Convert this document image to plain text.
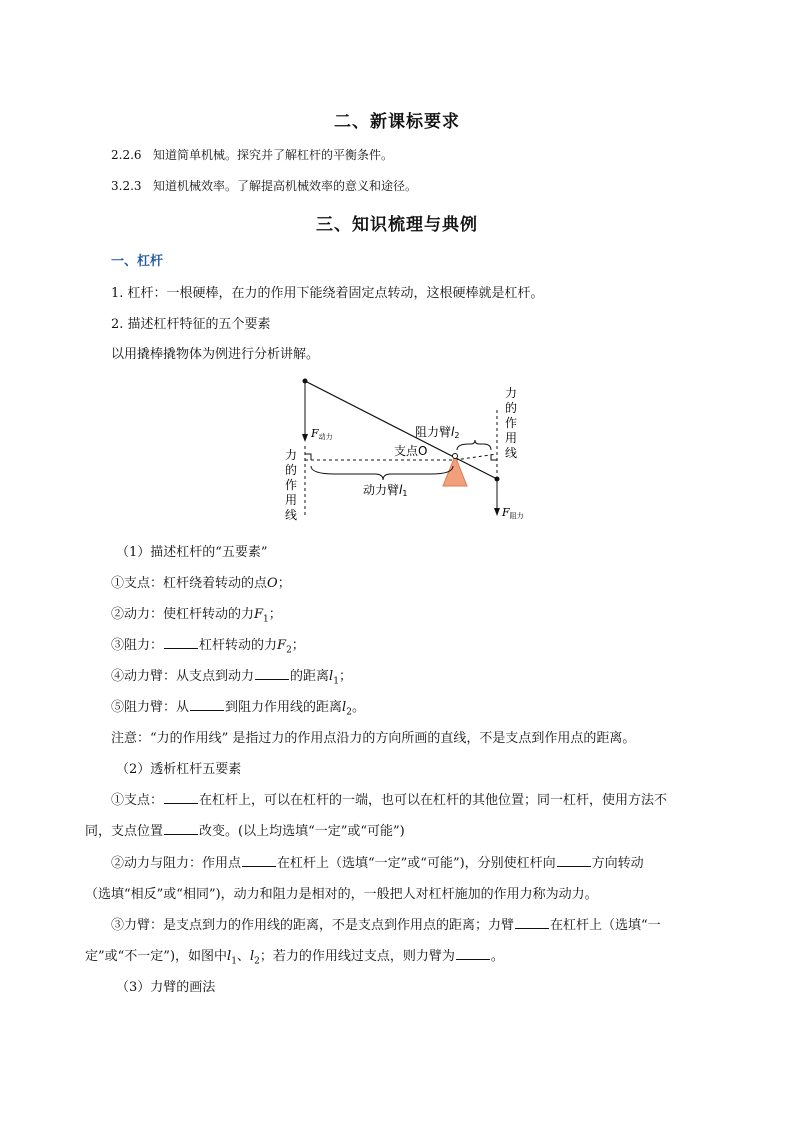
二、新课标要求
2.2.6 知道简单机械。探究并了解杠杆的平衡条件。
3.2.3 知道机械效率。了解提高机械效率的意义和途径。
三、知识梳理与典例
一、杠杆
1. 杠杆：一根硬棒，在力的作用下能绕着固定点转动，这根硬棒就是杠杆。
2. 描述杠杆特征的五个要素
以用撬棒撬物体为例进行分析讲解。
F动力
F阻力
支点O
阻力臂l2
动力臂l1
力
的
作
用
线
力
的
作
用
线
（1）描述杠杆的“五要素”
①支点：杠杆绕着转动的点O；
②动力：使杠杆转动的力$F_1$；
③阻力：	杠杆转动的力$F_2$；
④动力臂：从支点到动力	的距离$l_1$；
⑤阻力臂：从	到阻力作用线的距离$l_2$。
注意：“力的作用线” 是指过力的作用点沿力的方向所画的直线，不是支点到作用点的距离。
（2）透析杠杆五要素
①支点：	在杠杆上，可以在杠杆的一端，也可以在杠杆的其他位置；同一杠杆，使用方法不
同，支点位置	改变。(以上均选填“一定”或“可能”)
②动力与阻力：作用点	在杠杆上（选填“一定”或“可能”)，分别使杠杆向	方向转动
（选填“相反”或“相同”)，动力和阻力是相对的，一般把人对杠杆施加的作用力称为动力。
③力臂：是支点到力的作用线的距离，不是支点到作用点的距离；力臂	在杠杆上（选填“一
定”或“不一定”)，如图中$l_1$、$l_2$；若力的作用线过支点，则力臂为	。
（3）力臂的画法
